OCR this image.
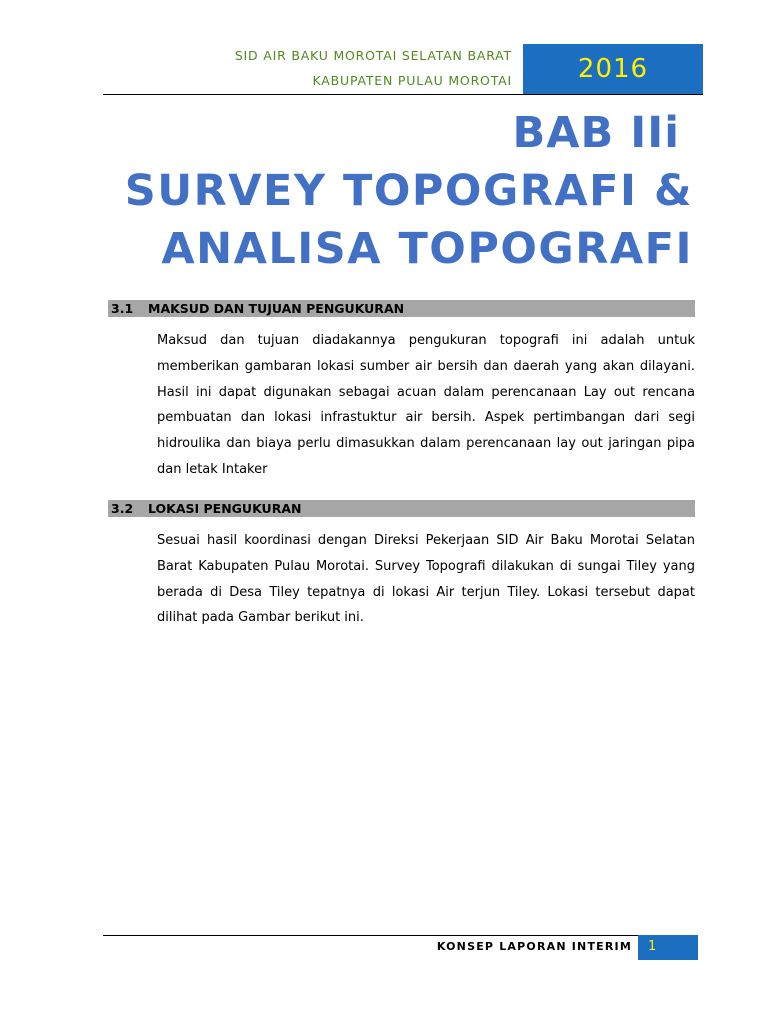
SID AIR BAKU MOROTAI SELATAN BARAT
KABUPATEN PULAU MOROTAI	2016
BAB IIi
SURVEY TOPOGRAFI &
ANALISA TOPOGRAFI
3.1 MAKSUD DAN TUJUAN PENGUKURAN

Maksud dan tujuan diadakannya pengukuran topografi ini adalah untuk memberikan gambaran lokasi sumber air bersih dan daerah yang akan dilayani. Hasil ini dapat digunakan sebagai acuan dalam perencanaan Lay out rencana pembuatan dan lokasi infrastuktur air bersih. Aspek pertimbangan dari segi hidroulika dan biaya perlu dimasukkan dalam perencanaan lay out jaringan pipa dan letak Intaker

3.2 LOKASI PENGUKURAN

Sesuai hasil koordinasi dengan Direksi Pekerjaan SID Air Baku Morotai Selatan Barat Kabupaten Pulau Morotai. Survey Topografi dilakukan di sungai Tiley yang berada di Desa Tiley tepatnya di lokasi Air terjun Tiley. Lokasi tersebut dapat dilihat pada Gambar berikut ini.

KONSEP LAPORAN INTERIM 1
